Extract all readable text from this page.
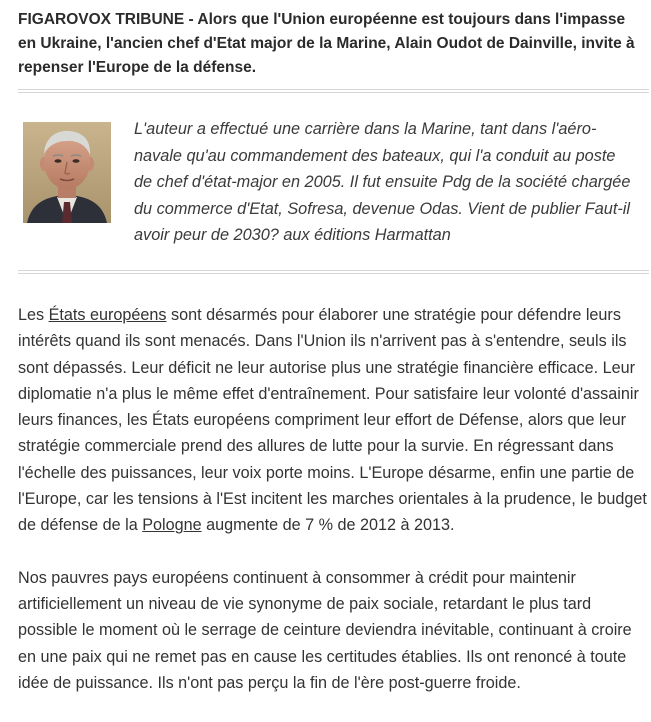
FIGAROVOX TRIBUNE - Alors que l'Union européenne est toujours dans l'impasse en Ukraine, l'ancien chef d'Etat major de la Marine, Alain Oudot de Dainville, invite à repenser l'Europe de la défense.
L'auteur a effectué une carrière dans la Marine, tant dans l'aéro-navale qu'au commandement des bateaux, qui l'a conduit au poste de chef d'état-major en 2005. Il fut ensuite Pdg de la société chargée du commerce d'Etat, Sofresa, devenue Odas. Vient de publier Faut-il avoir peur de 2030? aux éditions Harmattan

Les États européens sont désarmés pour élaborer une stratégie pour défendre leurs intérêts quand ils sont menacés. Dans l'Union ils n'arrivent pas à s'entendre, seuls ils sont dépassés. Leur déficit ne leur autorise plus une stratégie financière efficace. Leur diplomatie n'a plus le même effet d'entraînement. Pour satisfaire leur volonté d'assainir leurs finances, les États européens compriment leur effort de Défense, alors que leur stratégie commerciale prend des allures de lutte pour la survie. En régressant dans l'échelle des puissances, leur voix porte moins. L'Europe désarme, enfin une partie de l'Europe, car les tensions à l'Est incitent les marches orientales à la prudence, le budget de défense de la Pologne augmente de 7 % de 2012 à 2013.

Nos pauvres pays européens continuent à consommer à crédit pour maintenir artificiellement un niveau de vie synonyme de paix sociale, retardant le plus tard possible le moment où le serrage de ceinture deviendra inévitable, continuant à croire en une paix qui ne remet pas en cause les certitudes établies. Ils ont renoncé à toute idée de puissance. Ils n'ont pas perçu la fin de l'ère post-guerre froide.
